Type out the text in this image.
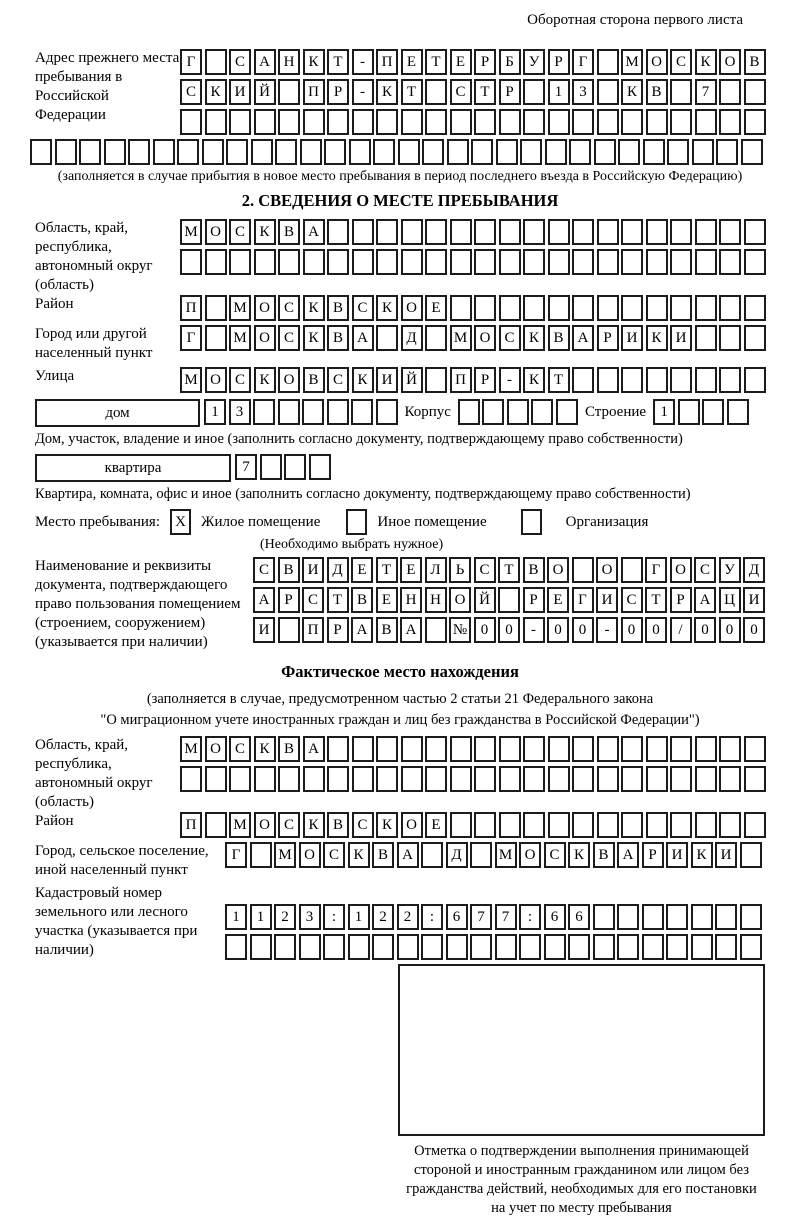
Оборотная сторона первого листа
Адрес прежнего места пребывания в Российской Федерации
Г	С А Н К Т	-	П Е	Т	Е	Р	Б У	Р	Г	М О С К О В
С К И Й	П Р	-	К Т	С Т	Р	1	3	К В	7
(заполняется в случае прибытия в новое место пребывания в период последнего въезда в Российскую Федерацию)
2. СВЕДЕНИЯ О МЕСТЕ ПРЕБЫВАНИЯ
Область, край, республика, автономный округ (область)
М О С К В А
Район	П	М О С К В С К О Е
Город или другой населенный пункт
Г	М О С К В А	Д	М О С К В А Р И К И
Улица	М О С К О В С К И Й	П Р	-	К Т
дом	1	3	Корпус	Строение 1
Дом, участок, владение и иное (заполнить согласно документу, подтверждающему право собственности)
квартира	7
Квартира, комната, офис и иное (заполнить согласно документу, подтверждающему право собственности)
Место пребывания:	X	Жилое помещение	Иное помещение	Организация
(Необходимо выбрать нужное)
Наименование и реквизиты документа, подтверждающего право пользования помещением (строением, сооружением) (указывается при наличии)
С В И Д Е	Т	Е Л	Ь	С Т В О	О	Г О С У Д
А Р	С Т В Е Н Н О Й	Р	Е	Г И С Т	Р А Ц И
И	П Р А В А	№ 0	0	-	0	0	-	0	0	/	0	0	0
Фактическое место нахождения
(заполняется в случае, предусмотренном частью 2 статьи 21 Федерального закона
"О миграционном учете иностранных граждан и лиц без гражданства в Российской Федерации")
Область, край, республика, автономный округ (область)
М О С К В А
Район	П	М О С К В С К О Е
Город, сельское поселение, иной населенный пункт
Г	М О С К В А	Д	М О С К В А Р И К И
Кадастровый номер земельного или лесного участка (указывается при наличии)
1	1	2	3	:	1	2	2	:	6	7	7	:	6	6
Отметка о подтверждении выполнения принимающей стороной и иностранным гражданином или лицом без гражданства действий, необходимых для его постановки на учет по месту пребывания
